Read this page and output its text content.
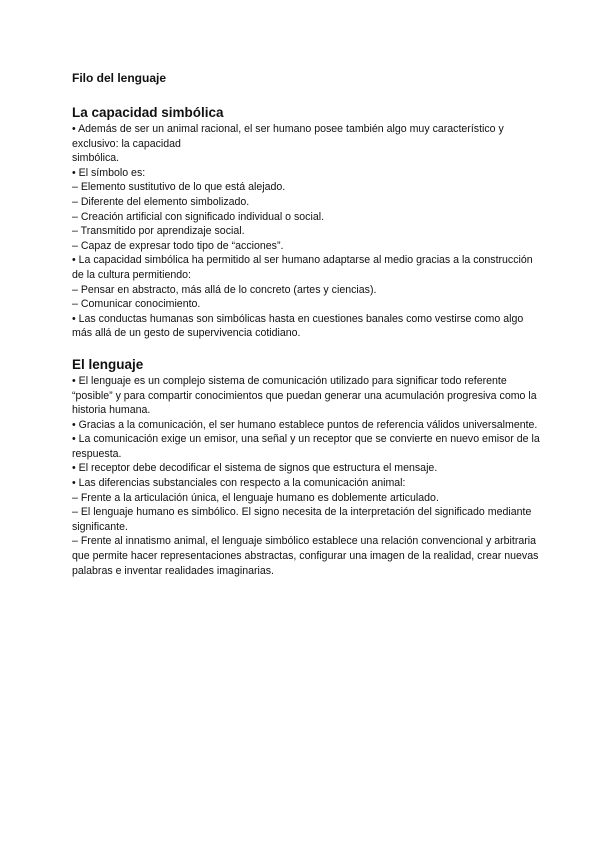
Filo del lenguaje
La capacidad simbólica

• Además de ser un animal racional, el ser humano posee también algo muy característico y exclusivo: la capacidad

simbólica.

• El símbolo es:

– Elemento sustitutivo de lo que está alejado.

– Diferente del elemento simbolizado.

– Creación artificial con significado individual o social.

– Transmitido por aprendizaje social.

– Capaz de expresar todo tipo de “acciones”.

• La capacidad simbólica ha permitido al ser humano adaptarse al medio gracias a la construcción de la cultura permitiendo:

– Pensar en abstracto, más allá de lo concreto (artes y ciencias).

– Comunicar conocimiento.

• Las conductas humanas son simbólicas hasta en cuestiones banales como vestirse como algo más allá de un gesto de supervivencia cotidiano.

El lenguaje

• El lenguaje es un complejo sistema de comunicación utilizado para significar todo referente “posible” y para compartir conocimientos que puedan generar una acumulación progresiva como la historia humana.

• Gracias a la comunicación, el ser humano establece puntos de referencia válidos universalmente.

• La comunicación exige un emisor, una señal y un receptor que se convierte en nuevo emisor de la respuesta.

• El receptor debe decodificar el sistema de signos que estructura el mensaje.

• Las diferencias substanciales con respecto a la comunicación animal:

– Frente a la articulación única, el lenguaje humano es doblemente articulado.

– El lenguaje humano es simbólico. El signo necesita de la interpretación del significado mediante significante.

– Frente al innatismo animal, el lenguaje simbólico establece una relación convencional y arbitraria que permite hacer representaciones abstractas, configurar una imagen de la realidad, crear nuevas palabras e inventar realidades imaginarias.
